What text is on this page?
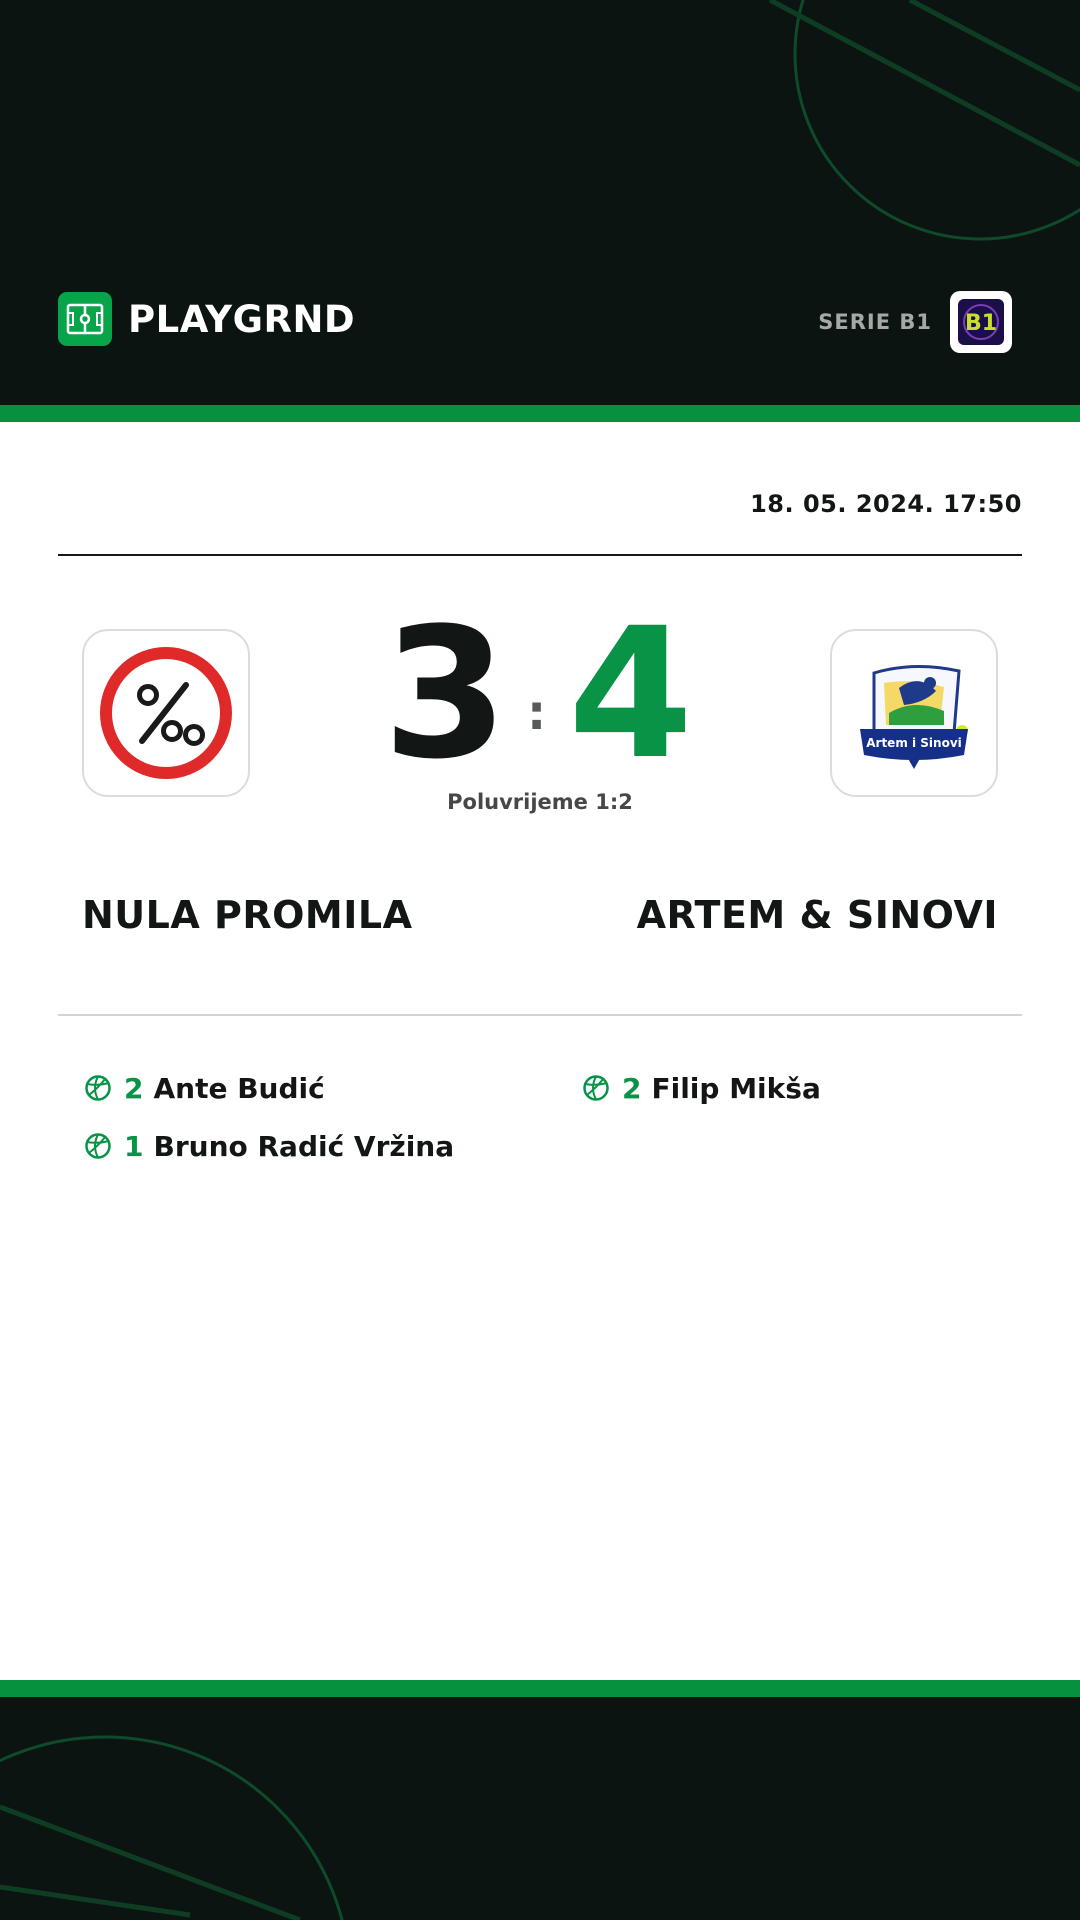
PLAYGRND	SERIE B1 B1
18. 05. 2024. 17:50
3 : 4	Artem i Sinovi
Poluvrijeme 1:2
NULA PROMILA	ARTEM & SINOVI
2 Ante Budić
1 Bruno Radić Vržina
2 Filip Mikša
